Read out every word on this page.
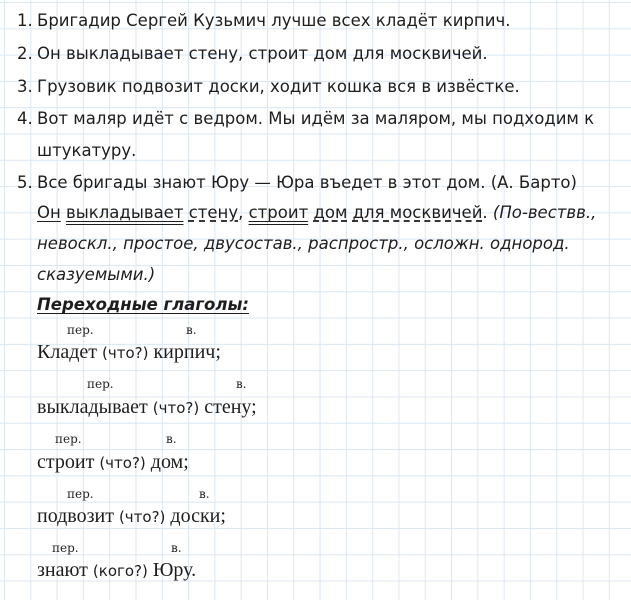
1. Бригадир Сергей Кузьмич лучше всех кладёт кирпич.
2. Он выкладывает стену, строит дом для москвичей.
3. Грузовик подвозит доски, ходит кошка вся в извёстке.
4. Вот маляр идёт с ведром. Мы идём за маляром, мы подходим к
штукатуру.
5. Все бригады знают Юру — Юра въедет в этот дом. (А. Барто)
Он выкладывает стену, строит дом для москвичей. (По-вествв.,
невоскл., простое, двусостав., распростр., осложн. однород.
сказуемыми.)
Переходные глаголы:
пер.	в.
Кладет (что?) кирпич;
пер.	в.
выкладывает (что?) стену;
пер.	в.
строит (что?) дом;
пер.	в.
подвозит (что?) доски;
пер.	в.
знают (кого?) Юру.
